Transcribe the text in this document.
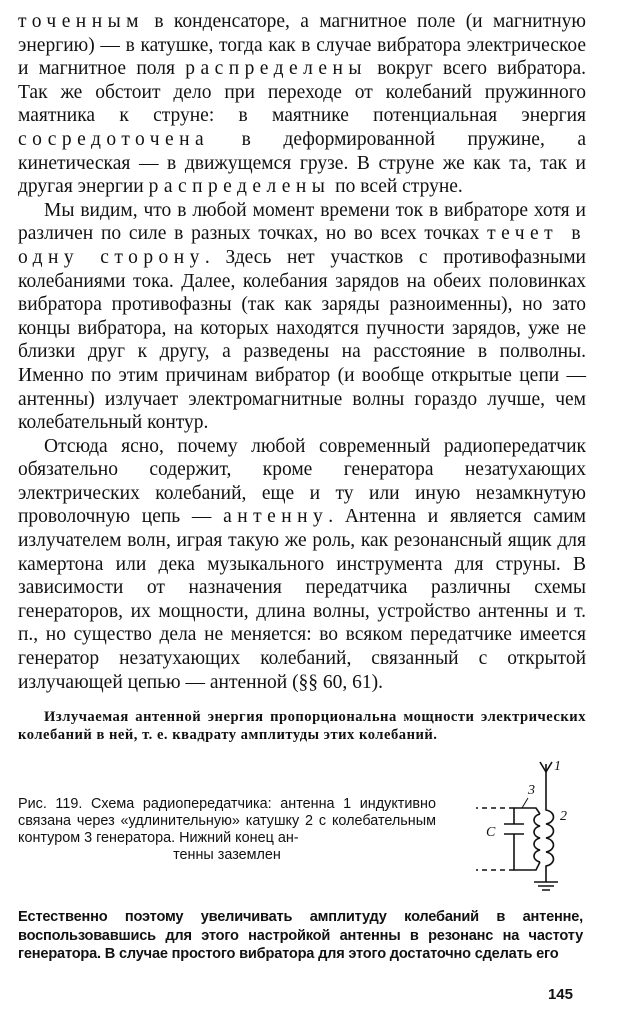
точенным в конденсаторе, а магнитное поле (и магнитную энергию) — в катушке, тогда как в случае вибратора электрическое и магнитное поля распределены вокруг всего вибратора. Так же обстоит дело при переходе от колебаний пружинного маятника к струне: в маятнике потенциальная энергия сосредоточена в деформированной пружине, а кинетическая — в движущемся грузе. В струне же как та, так и другая энергии распределены по всей струне.

Мы видим, что в любой момент времени ток в вибраторе хотя и различен по силе в разных точках, но во всех точках течет в одну сторону. Здесь нет участков с противофазными колебаниями тока. Далее, колебания зарядов на обеих половинках вибратора противофазны (так как заряды разноименны), но зато концы вибратора, на которых находятся пучности зарядов, уже не близки друг к другу, а разведены на расстояние в полволны. Именно по этим причинам вибратор (и вообще открытые цепи — антенны) излучает электромагнитные волны гораздо лучше, чем колебательный контур.

Отсюда ясно, почему любой современный радиопередатчик обязательно содержит, кроме генератора незатухающих электрических колебаний, еще и ту или иную незамкнутую проволочную цепь — антенну. Антенна и является самим излучателем волн, играя такую же роль, как резонансный ящик для камертона или дека музыкального инструмента для струны. В зависимости от назначения передатчика различны схемы генераторов, их мощности, длина волны, устройство антенны и т. п., но существо дела не меняется: во всяком передатчике имеется генератор незатухающих колебаний, связанный с открытой излучающей цепью — антенной (§§ 60, 61).

Излучаемая антенной энергия пропорциональна мощности электрических колебаний в ней, т. е. квадрату амплитуды этих колебаний.

Рис. 119. Схема радиопередатчика: антенна 1 индуктивно связана через «удлинительную» катушку 2 с колебательным контуром 3 генератора. Нижний конец ан-
тенны заземлен

1
2
3
C

Естественно поэтому увеличивать амплитуду колебаний в антенне, воспользовавшись для этого настройкой антенны в резонанс на частоту генератора. В случае простого вибратора для этого достаточно сделать его

145
